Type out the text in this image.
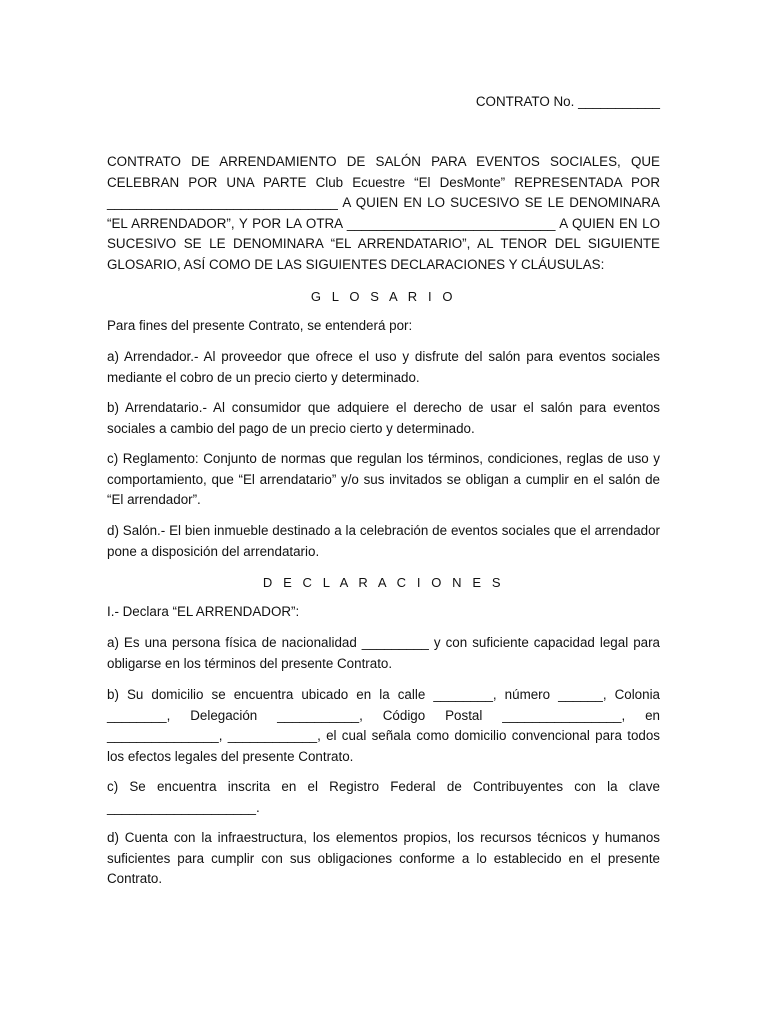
CONTRATO No. ___________

CONTRATO DE ARRENDAMIENTO DE SALÓN PARA EVENTOS SOCIALES, QUE CELEBRAN POR UNA PARTE Club Ecuestre “El DesMonte” REPRESENTADA POR _______________________________ A QUIEN EN LO SUCESIVO SE LE DENOMINARA “EL ARRENDADOR”, Y POR LA OTRA ____________________________ A QUIEN EN LO SUCESIVO SE LE DENOMINARA “EL ARRENDATARIO”, AL TENOR DEL SIGUIENTE GLOSARIO, ASÍ COMO DE LAS SIGUIENTES DECLARACIONES Y CLÁUSULAS:

G L O S A R I O

Para fines del presente Contrato, se entenderá por:

a) Arrendador.- Al proveedor que ofrece el uso y disfrute del salón para eventos sociales mediante el cobro de un precio cierto y determinado.

b) Arrendatario.- Al consumidor que adquiere el derecho de usar el salón para eventos sociales a cambio del pago de un precio cierto y determinado.

c) Reglamento: Conjunto de normas que regulan los términos, condiciones, reglas de uso y comportamiento, que “El arrendatario” y/o sus invitados se obligan a cumplir en el salón de “El arrendador”.

d) Salón.- El bien inmueble destinado a la celebración de eventos sociales que el arrendador pone a disposición del arrendatario.

D E C L A R A C I O N E S

I.- Declara “EL ARRENDADOR”:

a) Es una persona física de nacionalidad _________ y con suficiente capacidad legal para obligarse en los términos del presente Contrato.

b) Su domicilio se encuentra ubicado en la calle ________, número ______, Colonia ________, Delegación ___________, Código Postal ________________, en _______________, ____________, el cual señala como domicilio convencional para todos los efectos legales del presente Contrato.

c) Se encuentra inscrita en el Registro Federal de Contribuyentes con la clave ____________________.

d) Cuenta con la infraestructura, los elementos propios, los recursos técnicos y humanos suficientes para cumplir con sus obligaciones conforme a lo establecido en el presente Contrato.
